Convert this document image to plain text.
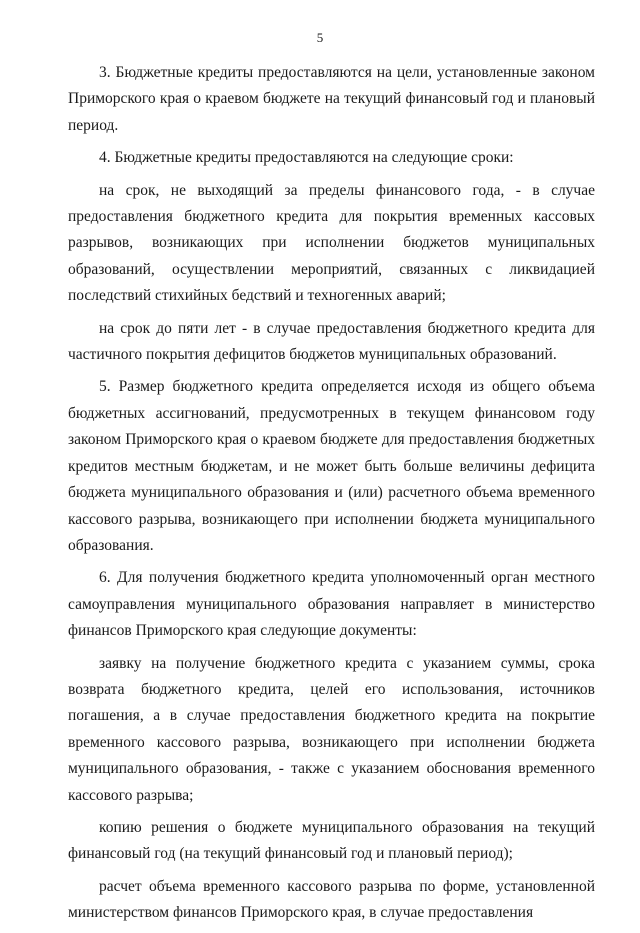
5

3. Бюджетные кредиты предоставляются на цели, установленные законом Приморского края о краевом бюджете на текущий финансовый год и плановый период.

4. Бюджетные кредиты предоставляются на следующие сроки:

на срок, не выходящий за пределы финансового года, - в случае предоставления бюджетного кредита для покрытия временных кассовых разрывов, возникающих при исполнении бюджетов муниципальных образований, осуществлении мероприятий, связанных с ликвидацией последствий стихийных бедствий и техногенных аварий;

на срок до пяти лет - в случае предоставления бюджетного кредита для частичного покрытия дефицитов бюджетов муниципальных образований.

5. Размер бюджетного кредита определяется исходя из общего объема бюджетных ассигнований, предусмотренных в текущем финансовом году законом Приморского края о краевом бюджете для предоставления бюджетных кредитов местным бюджетам, и не может быть больше величины дефицита бюджета муниципального образования и (или) расчетного объема временного кассового разрыва, возникающего при исполнении бюджета муниципального образования.

6. Для получения бюджетного кредита уполномоченный орган местного самоуправления муниципального образования направляет в министерство финансов Приморского края следующие документы:

заявку на получение бюджетного кредита с указанием суммы, срока возврата бюджетного кредита, целей его использования, источников погашения, а в случае предоставления бюджетного кредита на покрытие временного кассового разрыва, возникающего при исполнении бюджета муниципального образования, - также с указанием обоснования временного кассового разрыва;

копию решения о бюджете муниципального образования на текущий финансовый год (на текущий финансовый год и плановый период);

расчет объема временного кассового разрыва по форме, установленной министерством финансов Приморского края, в случае предоставления
